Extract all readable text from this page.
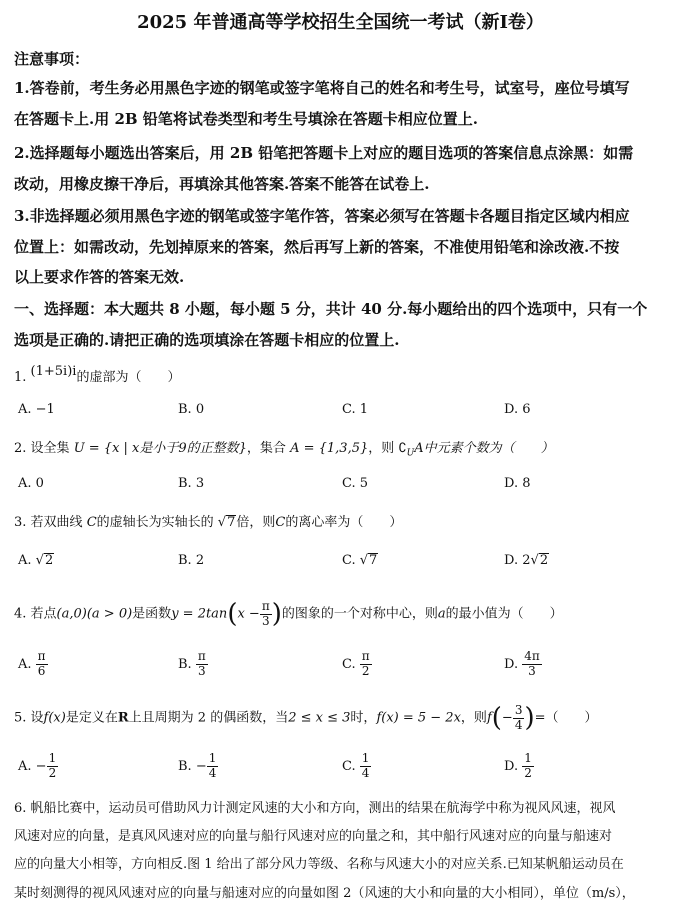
2025 年普通高等学校招生全国统一考试（新I卷）
注意事项：
1.答卷前，考生务必用黑色字迹的钢笔或签字笔将自己的姓名和考生号，试室号，座位号填写
在答题卡上.用 2B 铅笔将试卷类型和考生号填涂在答题卡相应位置上.
2.选择题每小题选出答案后，用 2B 铅笔把答题卡上对应的题目选项的答案信息点涂黑：如需
改动，用橡皮擦干净后，再填涂其他答案.答案不能答在试卷上.
3.非选择题必须用黑色字迹的钢笔或签字笔作答，答案必须写在答题卡各题目指定区域内相应
位置上：如需改动，先划掉原来的答案，然后再写上新的答案，不准使用铅笔和涂改液.不按
以上要求作答的答案无效.
一、选择题：本大题共 8 小题，每小题 5 分，共计 40 分.每小题给出的四个选项中，只有一个
选项是正确的.请把正确的选项填涂在答题卡相应的位置上.
1. (1+5i)i的虚部为（　　）
A. −1	B. 0	C. 1	D. 6
2. 设全集 U = {x | x是小于9的正整数}，集合 A = {1,3,5}，则 $∁_UA$中元素个数为（　　）
A. 0	B. 3	C. 5	D. 8
3. 若双曲线 C的虚轴长为实轴长的 √7倍，则C的离心率为（　　）
A. √2	B. 2	C. √7	D. 2√2
4. 若点(a,0)(a > 0)是函数$y = 2\tan(x - \frac{\pi}{3}$ )的图象的一个对称中心，则a的最小值为（　　）
A. $\frac{\pi}{6}$	B. $\frac{\pi}{3}$	C. $\frac{\pi}{2}$	D. $\frac{4\pi}{3}$
5. 设f(x)是定义在R上且周期为 2 的偶函数，当2 ≤ x ≤ 3时，f(x) = 5 − 2x，则$f(- \frac{3}{4}$ )=（　　）
A. − $\frac{1}{2}$	B. − $\frac{1}{4}$	C. $\frac{1}{4}$	D. $\frac{1}{2}$
6. 帆船比赛中，运动员可借助风力计测定风速的大小和方向，测出的结果在航海学中称为视风风速，视风
风速对应的向量，是真风风速对应的向量与船行风速对应的向量之和，其中船行风速对应的向量与船速对
应的向量大小相等，方向相反.图 1 给出了部分风力等级、名称与风速大小的对应关系.已知某帆船运动员在
某时刻测得的视风风速对应的向量与船速对应的向量如图 2（风速的大小和向量的大小相同），单位（m/s），
